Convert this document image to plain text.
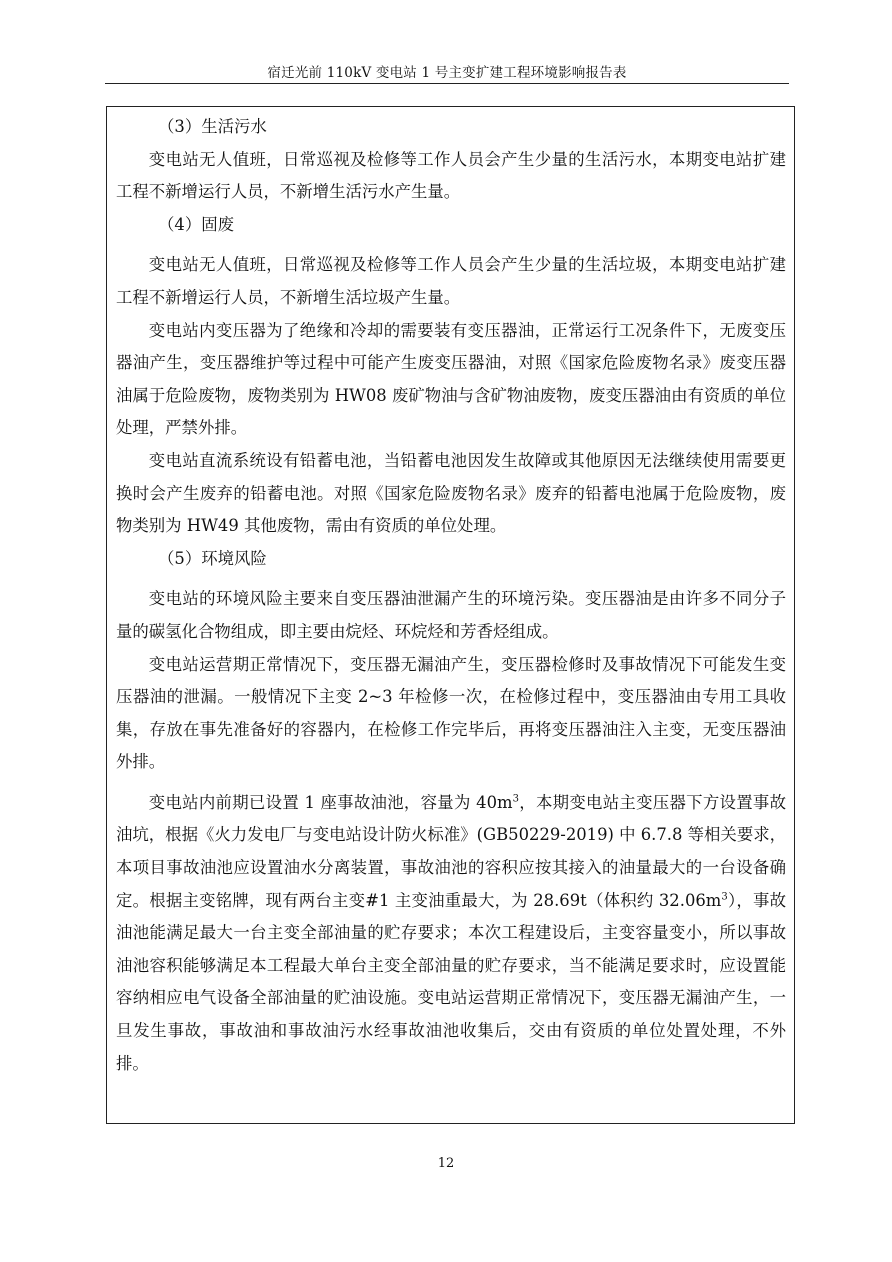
宿迁光前 110kV 变电站 1 号主变扩建工程环境影响报告表

（3）生活污水

变电站无人值班，日常巡视及检修等工作人员会产生少量的生活污水，本期变电站扩建工程不新增运行人员，不新增生活污水产生量。

（4）固废

变电站无人值班，日常巡视及检修等工作人员会产生少量的生活垃圾，本期变电站扩建工程不新增运行人员，不新增生活垃圾产生量。

变电站内变压器为了绝缘和冷却的需要装有变压器油，正常运行工况条件下，无废变压器油产生，变压器维护等过程中可能产生废变压器油，对照《国家危险废物名录》废变压器油属于危险废物，废物类别为 HW08 废矿物油与含矿物油废物，废变压器油由有资质的单位处理，严禁外排。

变电站直流系统设有铅蓄电池，当铅蓄电池因发生故障或其他原因无法继续使用需要更换时会产生废弃的铅蓄电池。对照《国家危险废物名录》废弃的铅蓄电池属于危险废物，废物类别为 HW49 其他废物，需由有资质的单位处理。

（5）环境风险

变电站的环境风险主要来自变压器油泄漏产生的环境污染。变压器油是由许多不同分子量的碳氢化合物组成，即主要由烷烃、环烷烃和芳香烃组成。

变电站运营期正常情况下，变压器无漏油产生，变压器检修时及事故情况下可能发生变压器油的泄漏。一般情况下主变 2~3 年检修一次，在检修过程中，变压器油由专用工具收集，存放在事先准备好的容器内，在检修工作完毕后，再将变压器油注入主变，无变压器油外排。

变电站内前期已设置 1 座事故油池，容量为 $40m^3$，本期变电站主变压器下方设置事故油坑，根据《火力发电厂与变电站设计防火标准》(GB50229-2019) 中 6.7.8 等相关要求，本项目事故油池应设置油水分离装置，事故油池的容积应按其接入的油量最大的一台设备确定。根据主变铭牌，现有两台主变#1 主变油重最大，为 28.69t（体积约 $32.06m^3$），事故油池能满足最大一台主变全部油量的贮存要求；本次工程建设后，主变容量变小，所以事故油池容积能够满足本工程最大单台主变全部油量的贮存要求，当不能满足要求时，应设置能容纳相应电气设备全部油量的贮油设施。变电站运营期正常情况下，变压器无漏油产生，一旦发生事故，事故油和事故油污水经事故油池收集后，交由有资质的单位处置处理，不外排。

12
